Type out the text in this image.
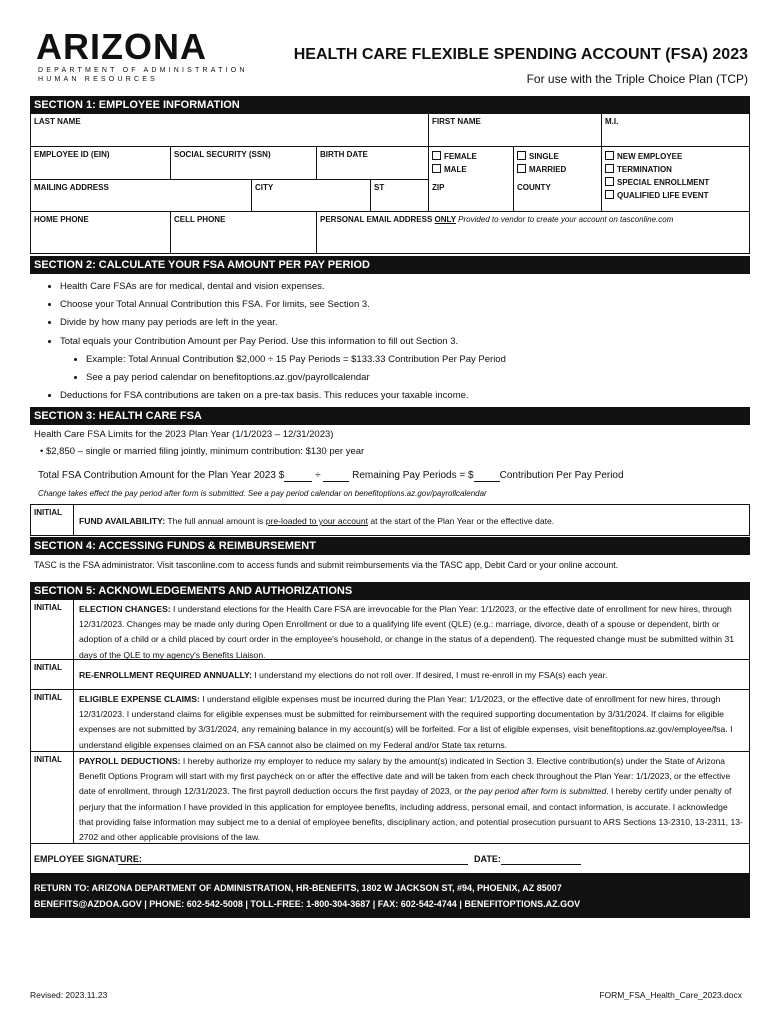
ARIZONA
DEPARTMENT OF ADMINISTRATION
HUMAN RESOURCES
HEALTH CARE FLEXIBLE SPENDING ACCOUNT (FSA) 2023
For use with the Triple Choice Plan (TCP)
SECTION 1: EMPLOYEE INFORMATION
LAST NAME	FIRST NAME	M.I.
EMPLOYEE ID (EIN)	SOCIAL SECURITY (SSN)	BIRTH DATE	FEMALE
MALE
SINGLE
MARRIED
NEW EMPLOYEE
TERMINATION
SPECIAL ENROLLMENT
QUALIFIED LIFE EVENT
MAILING ADDRESS	CITY	ST	ZIP	COUNTY
HOME PHONE	CELL PHONE	PERSONAL EMAIL ADDRESS ONLY Provided to vendor to create your account on tasconline.com
SECTION 2: CALCULATE YOUR FSA AMOUNT PER PAY PERIOD
• Health Care FSAs are for medical, dental and vision expenses.
• Choose your Total Annual Contribution this FSA. For limits, see Section 3.
• Divide by how many pay periods are left in the year.
• Total equals your Contribution Amount per Pay Period. Use this information to fill out Section 3.
• Example: Total Annual Contribution $2,000 ÷ 15 Pay Periods = $133.33 Contribution Per Pay Period
• See a pay period calendar on benefitoptions.az.gov/payrollcalendar
• Deductions for FSA contributions are taken on a pre-tax basis. This reduces your taxable income.
SECTION 3: HEALTH CARE FSA
Health Care FSA Limits for the 2023 Plan Year (1/1/2023 – 12/31/2023)
• $2,850 – single or married filing jointly, minimum contribution: $130 per year
Total FSA Contribution Amount for the Plan Year 2023 $	÷	Remaining Pay Periods = $	Contribution Per Pay Period
Change takes effect the pay period after form is submitted. See a pay period calendar on benefitoptions.az.gov/payrollcalendar
INITIAL
FUND AVAILABILITY: The full annual amount is pre-loaded to your account at the start of the Plan Year or the effective date.
SECTION 4: ACCESSING FUNDS & REIMBURSEMENT
TASC is the FSA administrator. Visit tasconline.com to access funds and submit reimbursements via the TASC app, Debit Card or your online account.
SECTION 5: ACKNOWLEDGEMENTS AND AUTHORIZATIONS
INITIAL	ELECTION CHANGES: I understand elections for the Health Care FSA are irrevocable for the Plan Year: 1/1/2023, or the effective date of enrollment for new hires, through 12/31/2023. Changes may be made only during Open Enrollment or due to a qualifying life event (QLE) (e.g.: marriage, divorce, death of a spouse or dependent, birth or adoption of a child or a child placed by court order in the employee's household, or change in the status of a dependent). The requested change must be submitted within 31 days of the QLE to my agency's Benefits Liaison.
INITIAL
RE-ENROLLMENT REQUIRED ANNUALLY: I understand my elections do not roll over. If desired, I must re-enroll in my FSA(s) each year.
INITIAL	ELIGIBLE EXPENSE CLAIMS: I understand eligible expenses must be incurred during the Plan Year: 1/1/2023, or the effective date of enrollment for new hires, through 12/31/2023. I understand claims for eligible expenses must be submitted for reimbursement with the required supporting documentation by 3/31/2024. If claims for eligible expenses are not submitted by 3/31/2024, any remaining balance in my account(s) will be forfeited. For a list of eligible expenses, visit benefitoptions.az.gov/employee/fsa. I understand eligible expenses claimed on an FSA cannot also be claimed on my Federal and/or State tax returns.
INITIAL	PAYROLL DEDUCTIONS: I hereby authorize my employer to reduce my salary by the amount(s) indicated in Section 3. Elective contribution(s) under the State of Arizona Benefit Options Program will start with my first paycheck on or after the effective date and will be taken from each check throughout the Plan Year: 1/1/2023, or the effective date of enrollment, through 12/31/2023. The first payroll deduction occurs the first payday of 2023, or the pay period after form is submitted. I hereby certify under penalty of perjury that the information I have provided in this application for employee benefits, including address, personal email, and contact information, is accurate. I acknowledge that providing false information may subject me to a denial of employee benefits, disciplinary action, and potential prosecution pursuant to ARS Sections 13-2310, 13-2311, 13-2702 and other applicable provisions of the law.
EMPLOYEE SIGNATURE:	DATE:
RETURN TO: ARIZONA DEPARTMENT OF ADMINISTRATION, HR-BENEFITS, 1802 W JACKSON ST, #94, PHOENIX, AZ 85007
BENEFITS@AZDOA.GOV | PHONE: 602-542-5008 | TOLL-FREE: 1-800-304-3687 | FAX: 602-542-4744 | BENEFITOPTIONS.AZ.GOV
Revised: 2023.11.23	FORM_FSA_Health_Care_2023.docx
